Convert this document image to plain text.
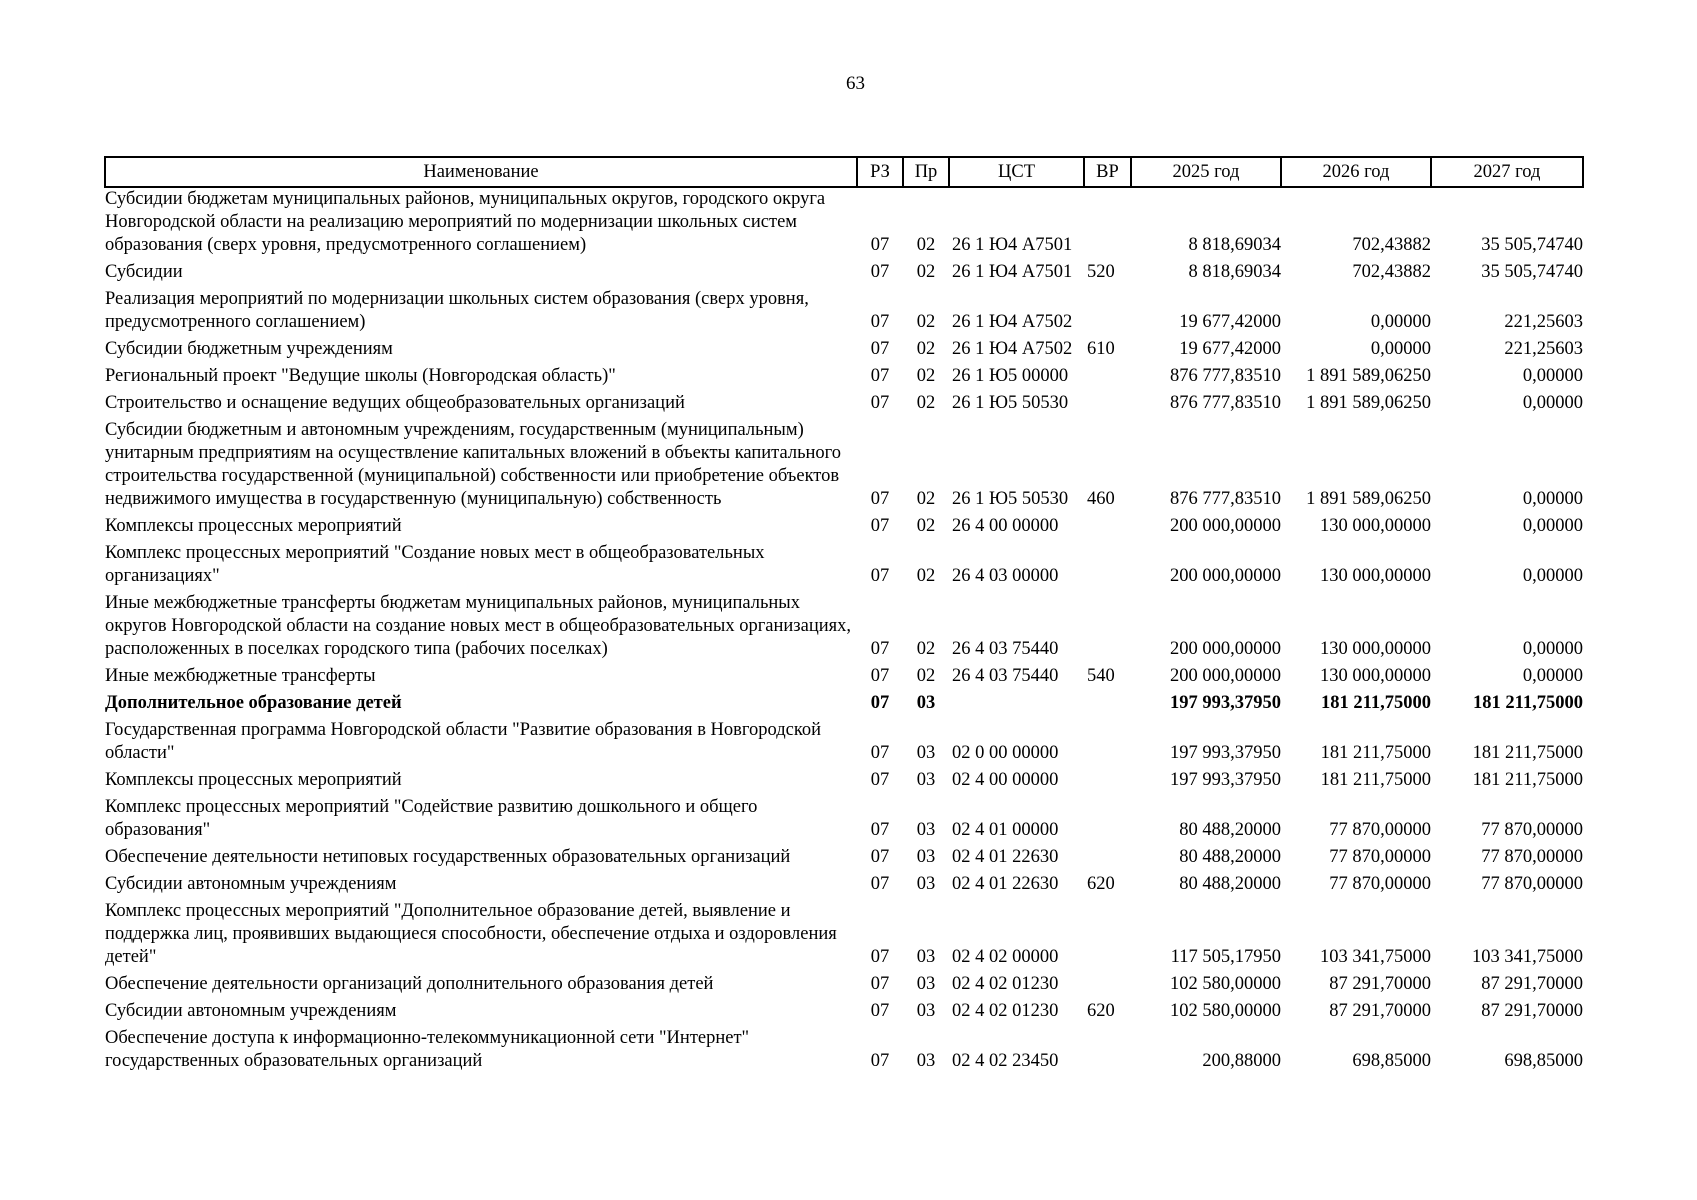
63
Наименование	РЗ	Пр	ЦСТ	ВР	2025 год	2026 год	2027 год
Субсидии бюджетам муниципальных районов, муниципальных округов, городского округа Новгородской области на реализацию мероприятий по модернизации школьных систем образования (сверх уровня, предусмотренного соглашением)	07	02	26 1 Ю4 А7501		8 818,69034	702,43882	35 505,74740
Субсидии	07	02	26 1 Ю4 А7501	520	8 818,69034	702,43882	35 505,74740
Реализация мероприятий по модернизации школьных систем образования (сверх уровня, предусмотренного соглашением)	07	02	26 1 Ю4 А7502		19 677,42000	0,00000	221,25603
Субсидии бюджетным учреждениям	07	02	26 1 Ю4 А7502	610	19 677,42000	0,00000	221,25603
Региональный проект "Ведущие школы (Новгородская область)"	07	02	26 1 Ю5 00000		876 777,83510	1 891 589,06250	0,00000
Строительство и оснащение ведущих общеобразовательных организаций	07	02	26 1 Ю5 50530		876 777,83510	1 891 589,06250	0,00000
Субсидии бюджетным и автономным учреждениям, государственным (муниципальным) унитарным предприятиям на осуществление капитальных вложений в объекты капитального строительства государственной (муниципальной) собственности или приобретение объектов недвижимого имущества в государственную (муниципальную) собственность	07	02	26 1 Ю5 50530	460	876 777,83510	1 891 589,06250	0,00000
Комплексы процессных мероприятий	07	02	26 4 00 00000		200 000,00000	130 000,00000	0,00000
Комплекс процессных мероприятий "Создание новых мест в общеобразовательных организациях"	07	02	26 4 03 00000		200 000,00000	130 000,00000	0,00000
Иные межбюджетные трансферты бюджетам муниципальных районов, муниципальных округов Новгородской области на создание новых мест в общеобразовательных организациях, расположенных в поселках городского типа (рабочих поселках)	07	02	26 4 03 75440		200 000,00000	130 000,00000	0,00000
Иные межбюджетные трансферты	07	02	26 4 03 75440	540	200 000,00000	130 000,00000	0,00000
Дополнительное образование детей	07	03			197 993,37950	181 211,75000	181 211,75000
Государственная программа Новгородской области "Развитие образования в Новгородской области"	07	03	02 0 00 00000		197 993,37950	181 211,75000	181 211,75000
Комплексы процессных мероприятий	07	03	02 4 00 00000		197 993,37950	181 211,75000	181 211,75000
Комплекс процессных мероприятий "Содействие развитию дошкольного и общего образования"	07	03	02 4 01 00000		80 488,20000	77 870,00000	77 870,00000
Обеспечение деятельности нетиповых государственных образовательных организаций	07	03	02 4 01 22630		80 488,20000	77 870,00000	77 870,00000
Субсидии автономным учреждениям	07	03	02 4 01 22630	620	80 488,20000	77 870,00000	77 870,00000
Комплекс процессных мероприятий "Дополнительное образование детей, выявление и поддержка лиц, проявивших выдающиеся способности, обеспечение отдыха и оздоровления детей"	07	03	02 4 02 00000		117 505,17950	103 341,75000	103 341,75000
Обеспечение деятельности организаций дополнительного образования детей	07	03	02 4 02 01230		102 580,00000	87 291,70000	87 291,70000
Субсидии автономным учреждениям	07	03	02 4 02 01230	620	102 580,00000	87 291,70000	87 291,70000
Обеспечение доступа к информационно-телекоммуникационной сети "Интернет" государственных образовательных организаций	07	03	02 4 02 23450		200,88000	698,85000	698,85000
